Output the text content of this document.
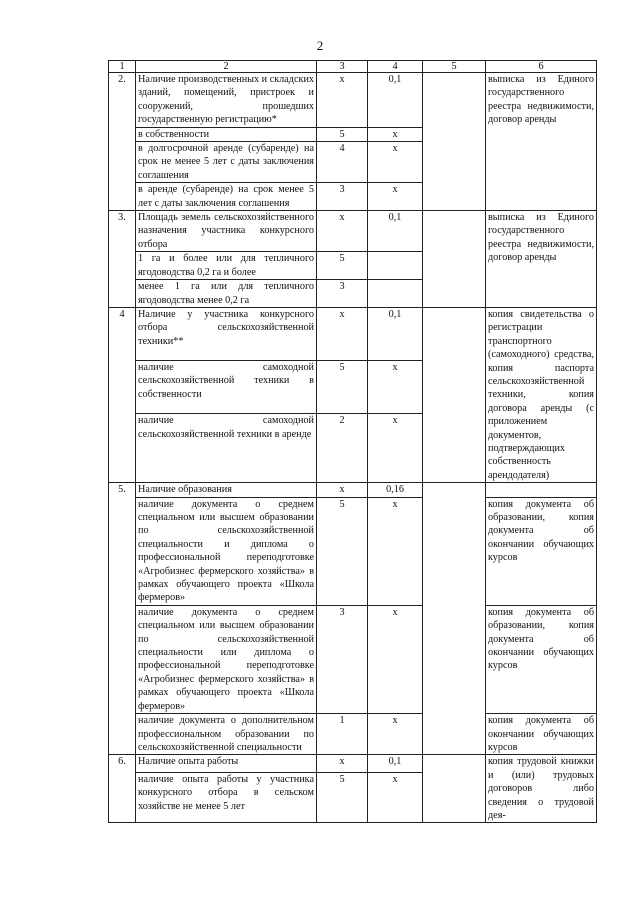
2
1	2	3	4	5	6
2.	Наличие производственных и складских зданий, помещений, пристроек и сооружений, прошедших государственную регистрацию*	х	0,1		выписка из Единого государственного реестра недвижимости, договор аренды
	в собственности	5	х		
	в долгосрочной аренде (субаренде) на срок не менее 5 лет с даты заключения соглашения	4	х		
	в аренде (субаренде) на срок менее 5 лет с даты заключения соглашения	3	х		
3.	Площадь земель сельскохозяйственного назначения участника конкурсного отбора	х	0,1		выписка из Единого государственного реестра недвижимости, договор аренды
	1 га и более или для тепличного ягодоводства 0,2 га и более	5			
	менее 1 га или для тепличного ягодоводства менее 0,2 га	3			
4	Наличие у участника конкурсного отбора сельскохозяйственной техники**	х	0,1		копия свидетельства о регистрации транспортного (самоходного) средства, копия паспорта сельскохозяйственной техники, копия договора аренды (с приложением документов, подтверждающих собственность арендодателя)
	наличие самоходной сельскохозяйственной техники в собственности	5	х		
	наличие самоходной сельскохозяйственной техники в аренде	2	х		
5.	Наличие образования	х	0,16		
	наличие документа о среднем специальном или высшем образовании по сельскохозяйственной специальности и диплома о профессиональной переподготовке «Агробизнес фермерского хозяйства» в рамках обучающего проекта «Школа фермеров»	5	х		копия документа об образовании, копия документа об окончании обучающих курсов
	наличие документа о среднем специальном или высшем образовании по сельскохозяйственной специальности или диплома о профессиональной переподготовке «Агробизнес фермерского хозяйства» в рамках обучающего проекта «Школа фермеров»	3	х		копия документа об образовании, копия документа об окончании обучающих курсов
	наличие документа о дополнительном профессиональном образовании по сельскохозяйственной специальности	1	х		копия документа об окончании обучающих курсов
6.	Наличие опыта работы	х	0,1		копия трудовой книжки и (или) трудовых договоров либо сведения о трудовой дея-
	наличие опыта работы у участника конкурсного отбора в сельском хозяйстве не менее 5 лет	5	х		
